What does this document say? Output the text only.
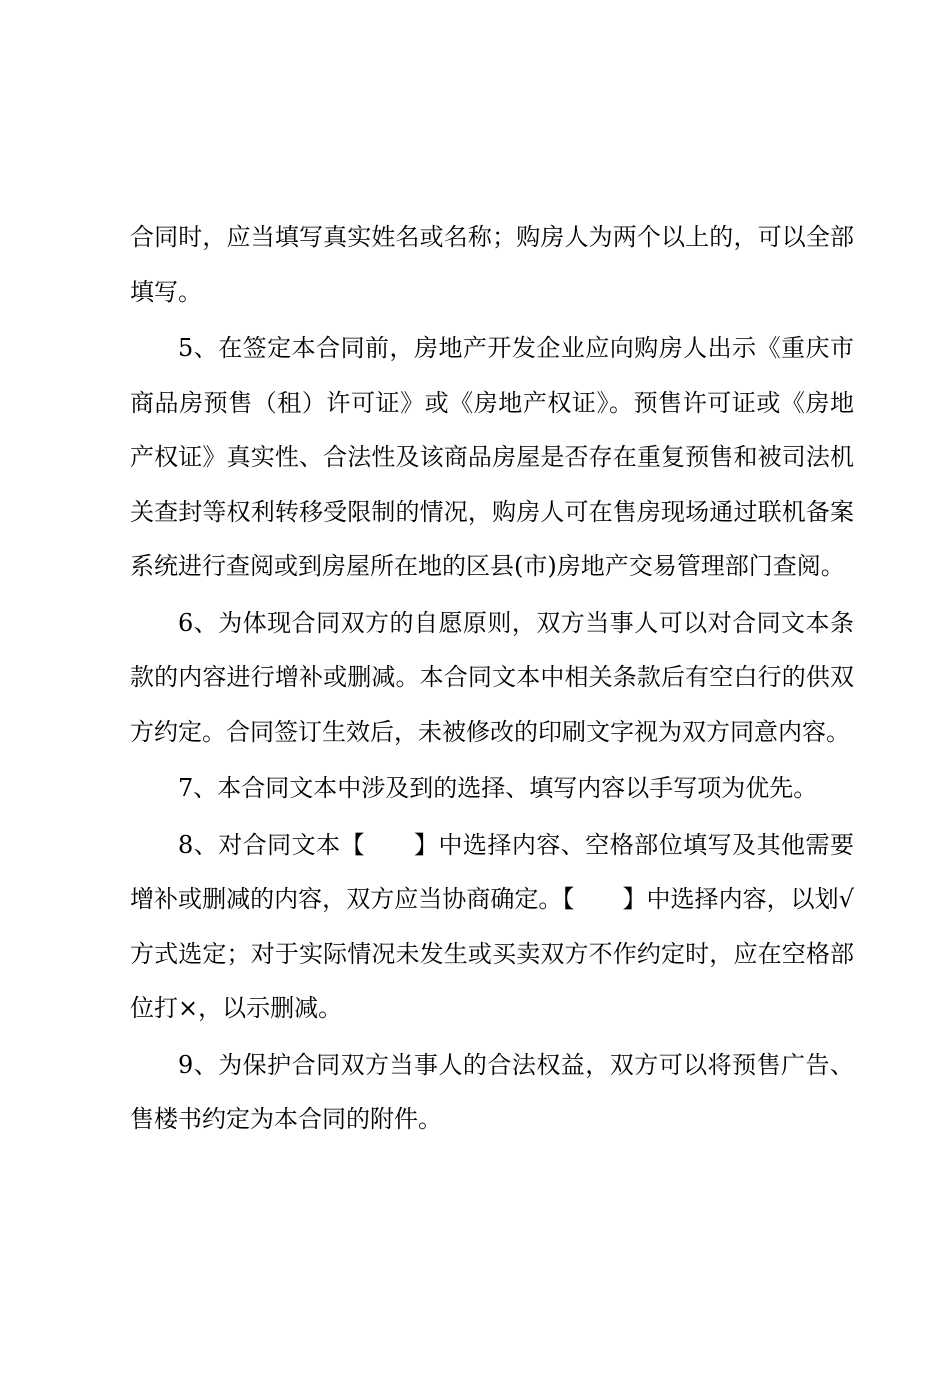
合同时，应当填写真实姓名或名称；购房人为两个以上的，可以全部填写。

5、在签定本合同前，房地产开发企业应向购房人出示《重庆市商品房预售（租）许可证》或《房地产权证》。预售许可证或《房地产权证》真实性、合法性及该商品房屋是否存在重复预售和被司法机关查封等权利转移受限制的情况，购房人可在售房现场通过联机备案系统进行查阅或到房屋所在地的区县(市)房地产交易管理部门查阅。

6、为体现合同双方的自愿原则，双方当事人可以对合同文本条款的内容进行增补或删减。本合同文本中相关条款后有空白行的供双方约定。合同签订生效后，未被修改的印刷文字视为双方同意内容。

7、本合同文本中涉及到的选择、填写内容以手写项为优先。

8、对合同文本【　　】中选择内容、空格部位填写及其他需要增补或删减的内容，双方应当协商确定。【　　】中选择内容，以划√方式选定；对于实际情况未发生或买卖双方不作约定时，应在空格部位打×，以示删减。

9、为保护合同双方当事人的合法权益，双方可以将预售广告、售楼书约定为本合同的附件。
